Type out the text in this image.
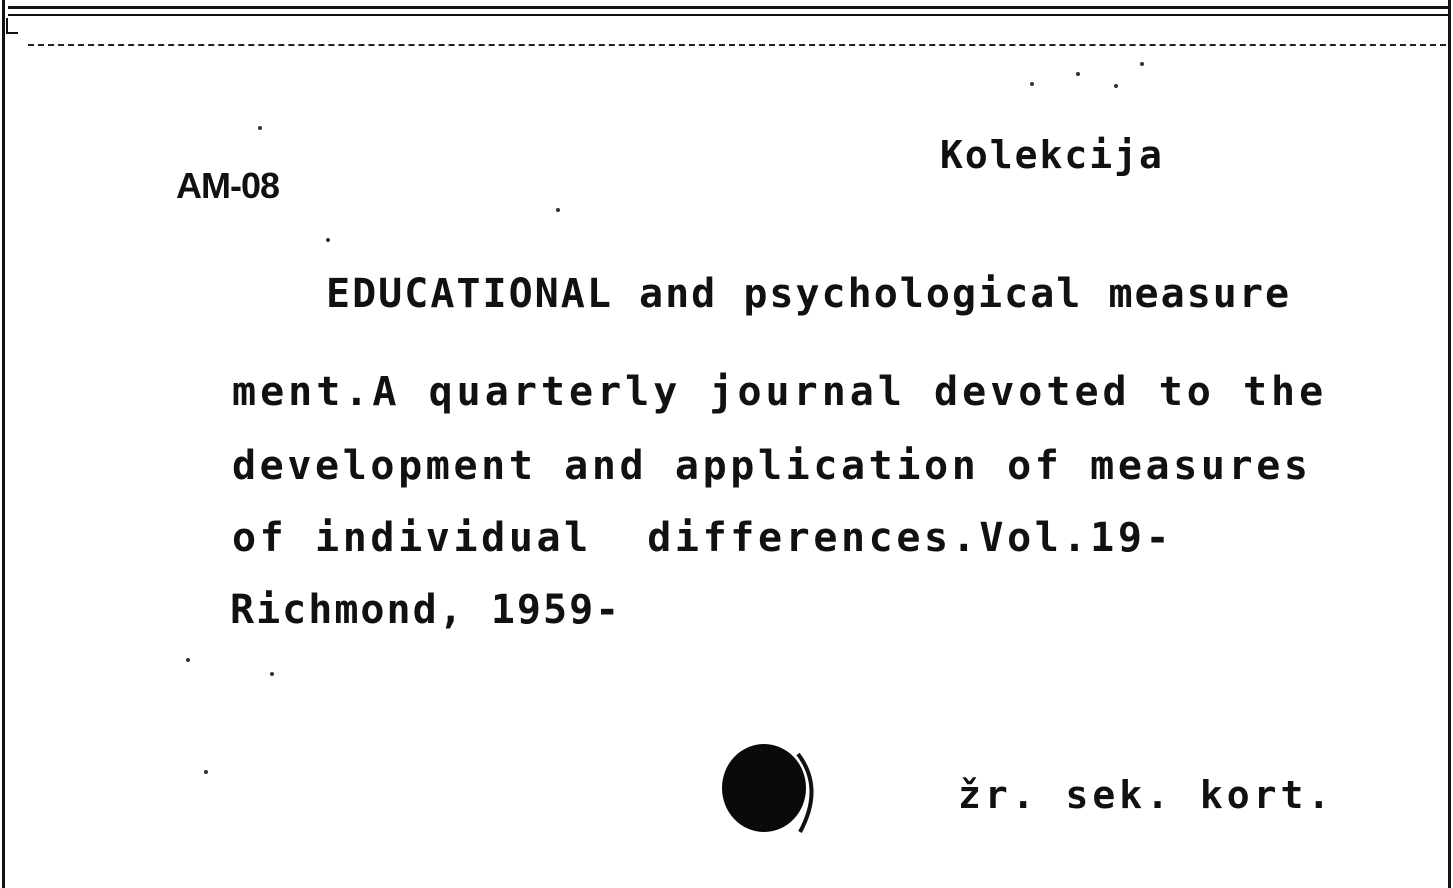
AM-08
Kolekcija
EDUCATIONAL and psychological measure
ment.A quarterly journal devoted to the
development and application of measures
of individual  differences.Vol.19-
Richmond, 1959-
žr. sek. kort.
